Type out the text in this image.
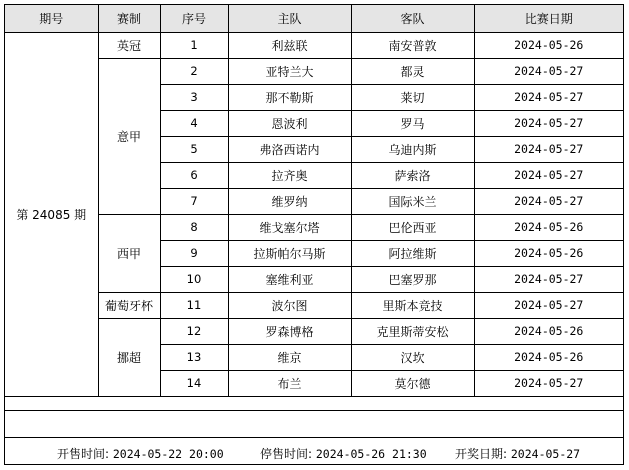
期号	赛制	序号	主队	客队	比赛日期
第 24085 期	英冠	1	利兹联	南安普敦	2024-05-26
	意甲	2	亚特兰大	都灵	2024-05-27
		3	那不勒斯	莱切	2024-05-27
		4	恩波利	罗马	2024-05-27
		5	弗洛西诺内	乌迪内斯	2024-05-27
		6	拉齐奥	萨索洛	2024-05-27
		7	维罗纳	国际米兰	2024-05-27
	西甲	8	维戈塞尔塔	巴伦西亚	2024-05-26
		9	拉斯帕尔马斯	阿拉维斯	2024-05-26
		10	塞维利亚	巴塞罗那	2024-05-27
	葡萄牙杯	11	波尔图	里斯本竞技	2024-05-27
	挪超	12	罗森博格	克里斯蒂安松	2024-05-26
		13	维京	汉坎	2024-05-26
		14	布兰	莫尔德	2024-05-27
开售时间: 2024-05-22 20:00	停售时间: 2024-05-26 21:30 开奖日期: 2024-05-27
